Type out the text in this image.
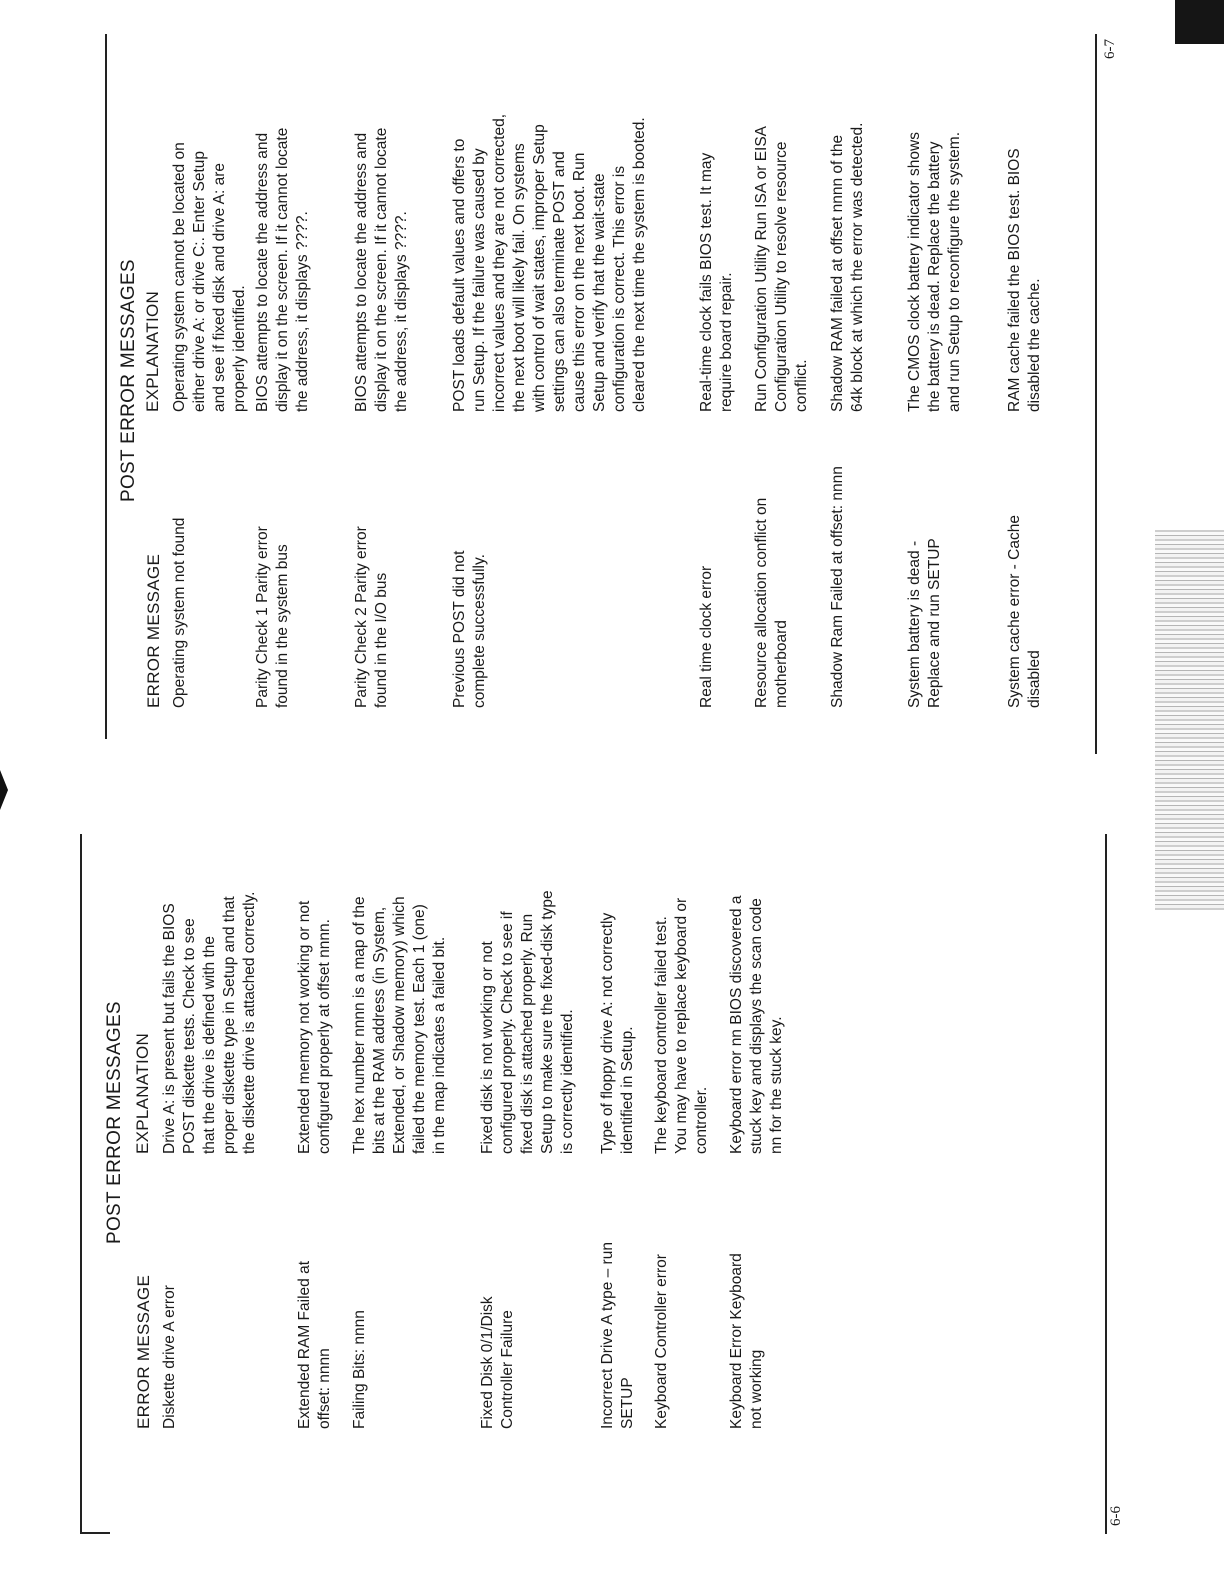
POST ERROR MESSAGES
ERROR MESSAGE
EXPLANATION
Diskette drive A error
Drive A: is present but fails the BIOS POST diskette tests. Check to see that the drive is defined with the proper diskette type in Setup and that the diskette drive is attached correctly.
Extended RAM Failed at offset: nnnn
Extended memory not working or not configured properly at offset nnnn.
Failing Bits: nnnn
The hex number nnnn is a map of the bits at the RAM address (in System, Extended, or Shadow memory) which failed the memory test. Each 1 (one) in the map indicates a failed bit.
Fixed Disk 0/1/Disk Controller Failure
Fixed disk is not working or not configured properly. Check to see if fixed disk is attached properly. Run Setup to make sure the fixed-disk type is correctly identified.
Incorrect Drive A type – run SETUP
Type of floppy drive A: not correctly identified in Setup.
Keyboard Controller error
The keyboard controller failed test. You may have to replace keyboard or controller.
Keyboard Error Keyboard not working
Keyboard error nn BIOS discovered a stuck key and displays the scan code nn for the stuck key.
6-6
POST ERROR MESSAGES
ERROR MESSAGE
EXPLANATION
Operating system not found
Operating system cannot be located on either drive A: or drive C:. Enter Setup and see if fixed disk and drive A: are properly identified.
Parity Check 1 Parity error found in the system bus
BIOS attempts to locate the address and display it on the screen. If it cannot locate the address, it displays ????.
Parity Check 2 Parity error found in the I/O bus
BIOS attempts to locate the address and display it on the screen. If it cannot locate the address, it displays ????.
Previous POST did not complete successfully.
POST loads default values and offers to run Setup. If the failure was caused by incorrect values and they are not corrected, the next boot will likely fail. On systems with control of wait states, improper Setup settings can also terminate POST and cause this error on the next boot. Run Setup and verify that the wait-state configuration is correct. This error is cleared the next time the system is booted.
Real time clock error
Real-time clock fails BIOS test. It may require board repair.
Resource allocation conflict on motherboard
Run Configuration Utility Run ISA or EISA Configuration Utility to resolve resource conflict.
Shadow Ram Failed at offset: nnnn
Shadow RAM failed at offset nnnn of the 64k block at which the error was detected.
System battery is dead - Replace and run SETUP
The CMOS clock battery indicator shows the battery is dead. Replace the battery and run Setup to reconfigure the system.
System cache error - Cache disabled
RAM cache failed the BIOS test. BIOS disabled the cache.
6-7
